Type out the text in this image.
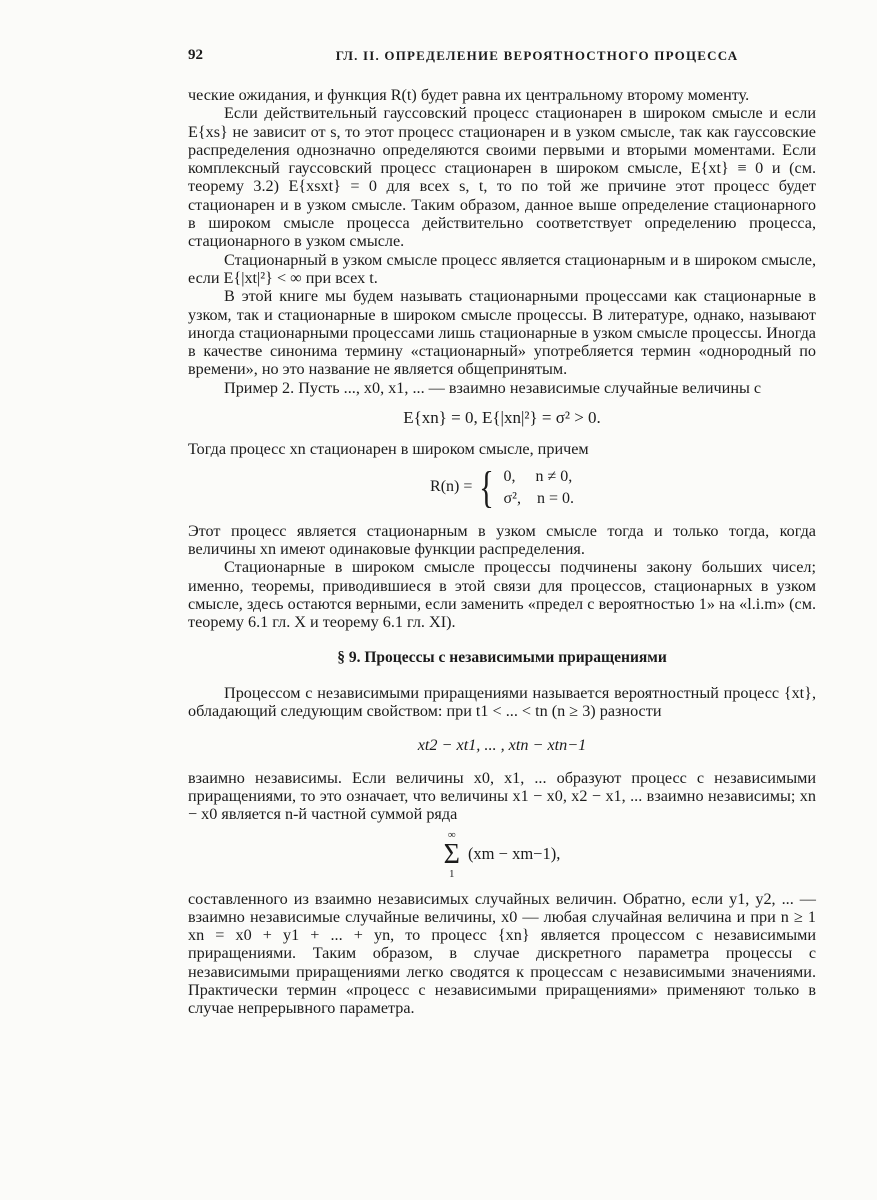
92	ГЛ. II. ОПРЕДЕЛЕНИЕ ВЕРОЯТНОСТНОГО ПРОЦЕССА

ческие ожидания, и функция R(t) будет равна их центральному второму моменту.

Если действительный гауссовский процесс стационарен в широком смысле и если E{xs} не зависит от s, то этот процесс стационарен и в узком смысле, так как гауссовские распределения однозначно определяются своими первыми и вторыми моментами. Если комплексный гауссовский процесс стационарен в широком смысле, E{xt} ≡ 0 и (см. теорему 3.2) E{xsxt} = 0 для всех s, t, то по той же причине этот процесс будет стационарен и в узком смысле. Таким образом, данное выше определение стационарного в широком смысле процесса действительно соответствует определению процесса, стационарного в узком смысле.

Стационарный в узком смысле процесс является стационарным и в широком смысле, если E{|xt|²} < ∞ при всех t.

В этой книге мы будем называть стационарными процессами как стационарные в узком, так и стационарные в широком смысле процессы. В литературе, однако, называют иногда стационарными процессами лишь стационарные в узком смысле процессы. Иногда в качестве синонима термину «стационарный» употребляется термин «однородный по времени», но это название не является общепринятым.

Пример 2. Пусть ..., x0, x1, ... — взаимно независимые случайные величины с

E{xn} = 0, E{|xn|²} = σ² > 0.

Тогда процесс xn стационарен в широком смысле, причем

R(n) = { 0,     n ≠ 0,
σ²,    n = 0.

Этот процесс является стационарным в узком смысле тогда и только тогда, когда величины xn имеют одинаковые функции распределения.

Стационарные в широком смысле процессы подчинены закону больших чисел; именно, теоремы, приводившиеся в этой связи для процессов, стационарных в узком смысле, здесь остаются верными, если заменить «предел с вероятностью 1» на «l.i.m» (см. теорему 6.1 гл. X и теорему 6.1 гл. XI).

§ 9. Процессы с независимыми приращениями

Процессом с независимыми приращениями называется вероятностный процесс {xt}, обладающий следующим свойством: при t1 < ... < tn (n ≥ 3) разности

xt2 − xt1, ... , xtn − xtn−1

взаимно независимы. Если величины x0, x1, ... образуют процесс с независимыми приращениями, то это означает, что величины x1 − x0, x2 − x1, ... взаимно независимы; xn − x0 является n-й частной суммой ряда

∞
Σ
1
(xm − xm−1),

составленного из взаимно независимых случайных величин. Обратно, если y1, y2, ... — взаимно независимые случайные величины, x0 — любая случайная величина и при n ≥ 1 xn = x0 + y1 + ... + yn, то процесс {xn} является процессом с независимыми приращениями. Таким образом, в случае дискретного параметра процессы с независимыми приращениями легко сводятся к процессам с независимыми значениями. Практически термин «процесс с независимыми приращениями» применяют только в случае непрерывного параметра.
